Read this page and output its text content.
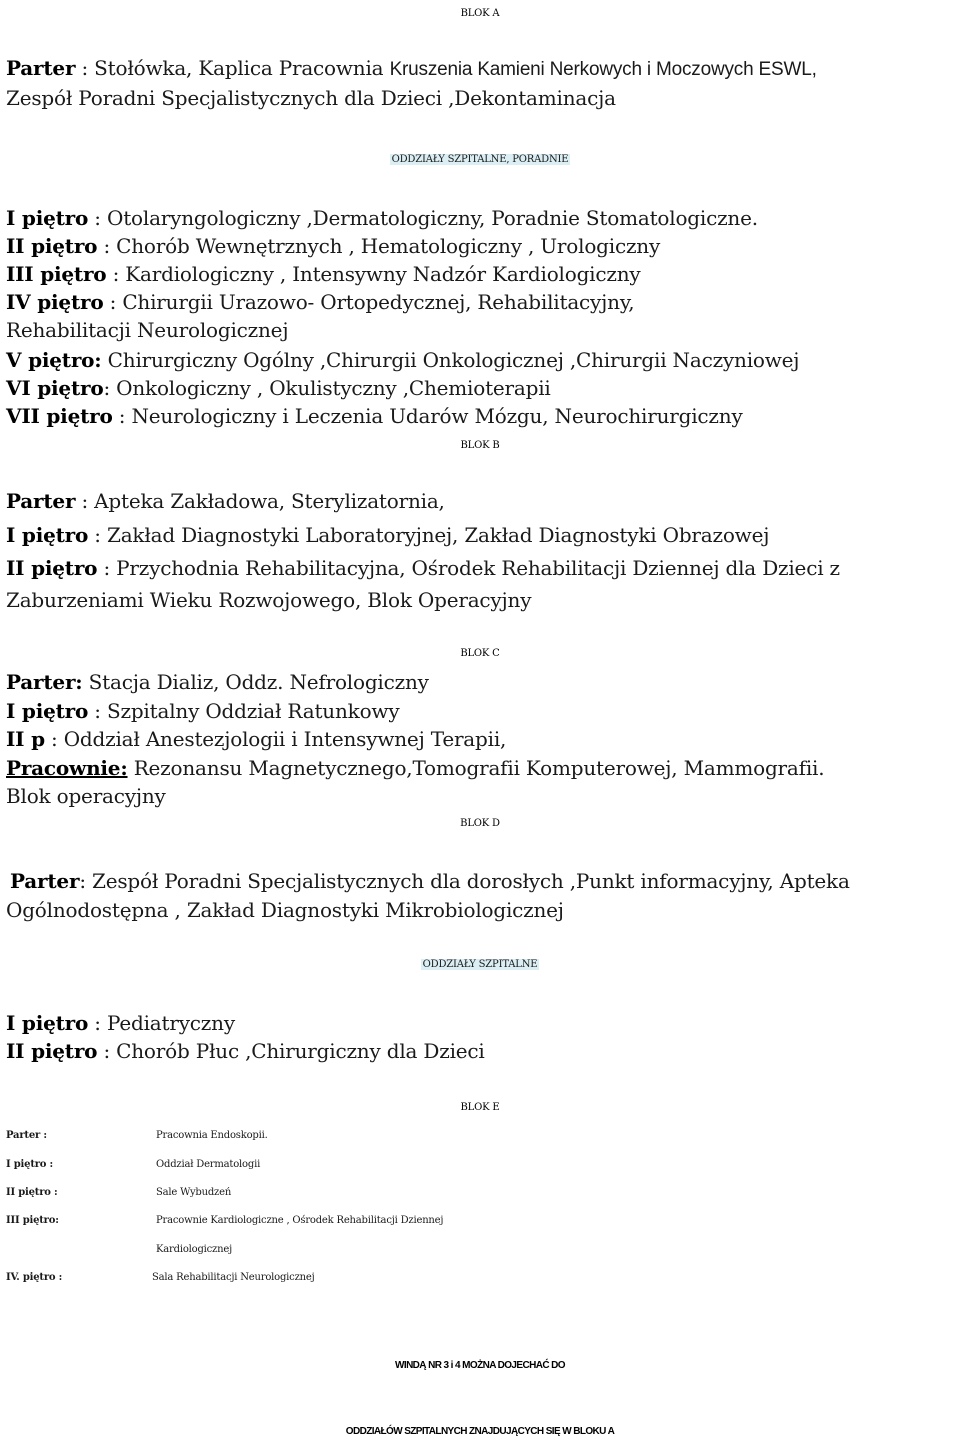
BLOK A
Parter : Stołówka, Kaplica Pracownia Kruszenia Kamieni Nerkowych i Moczowych ESWL,
Zespół Poradni Specjalistycznych dla Dzieci ,Dekontaminacja
ODDZIAŁY SZPITALNE, PORADNIE
I piętro : Otolaryngologiczny ,Dermatologiczny, Poradnie Stomatologiczne.
II piętro : Chorób Wewnętrznych , Hematologiczny , Urologiczny
III piętro : Kardiologiczny , Intensywny Nadzór Kardiologiczny
IV piętro : Chirurgii Urazowo- Ortopedycznej, Rehabilitacyjny,
Rehabilitacji Neurologicznej
V piętro: Chirurgiczny Ogólny ,Chirurgii Onkologicznej ,Chirurgii Naczyniowej
VI piętro: Onkologiczny , Okulistyczny ,Chemioterapii
VII piętro : Neurologiczny i Leczenia Udarów Mózgu, Neurochirurgiczny
BLOK B
Parter : Apteka Zakładowa, Sterylizatornia,
I piętro : Zakład Diagnostyki Laboratoryjnej, Zakład Diagnostyki Obrazowej
II piętro : Przychodnia Rehabilitacyjna, Ośrodek Rehabilitacji Dziennej dla Dzieci z
Zaburzeniami Wieku Rozwojowego, Blok Operacyjny
BLOK C
Parter: Stacja Dializ, Oddz. Nefrologiczny
I piętro : Szpitalny Oddział Ratunkowy
II p : Oddział Anestezjologii i Intensywnej Terapii,
Pracownie: Rezonansu Magnetycznego,Tomografii Komputerowej, Mammografii.
Blok operacyjny
BLOK D
Parter: Zespół Poradni Specjalistycznych dla dorosłych ,Punkt informacyjny, Apteka
Ogólnodostępna , Zakład Diagnostyki Mikrobiologicznej
ODDZIAŁY SZPITALNE
I piętro : Pediatryczny
II piętro : Chorób Płuc ,Chirurgiczny dla Dzieci
BLOK E
Parter :	Pracownia Endoskopii.
I piętro :	Oddział Dermatologii
II piętro :	Sale Wybudzeń
III piętro:	Pracownie Kardiologiczne , Ośrodek Rehabilitacji Dziennej
Kardiologicznej
IV. piętro :	Sala Rehabilitacji Neurologicznej
WINDĄ NR 3 i 4 MOŻNA DOJECHAĆ DO
ODDZIAŁÓW SZPITALNYCH ZNAJDUJĄCYCH SIĘ W BLOKU A
